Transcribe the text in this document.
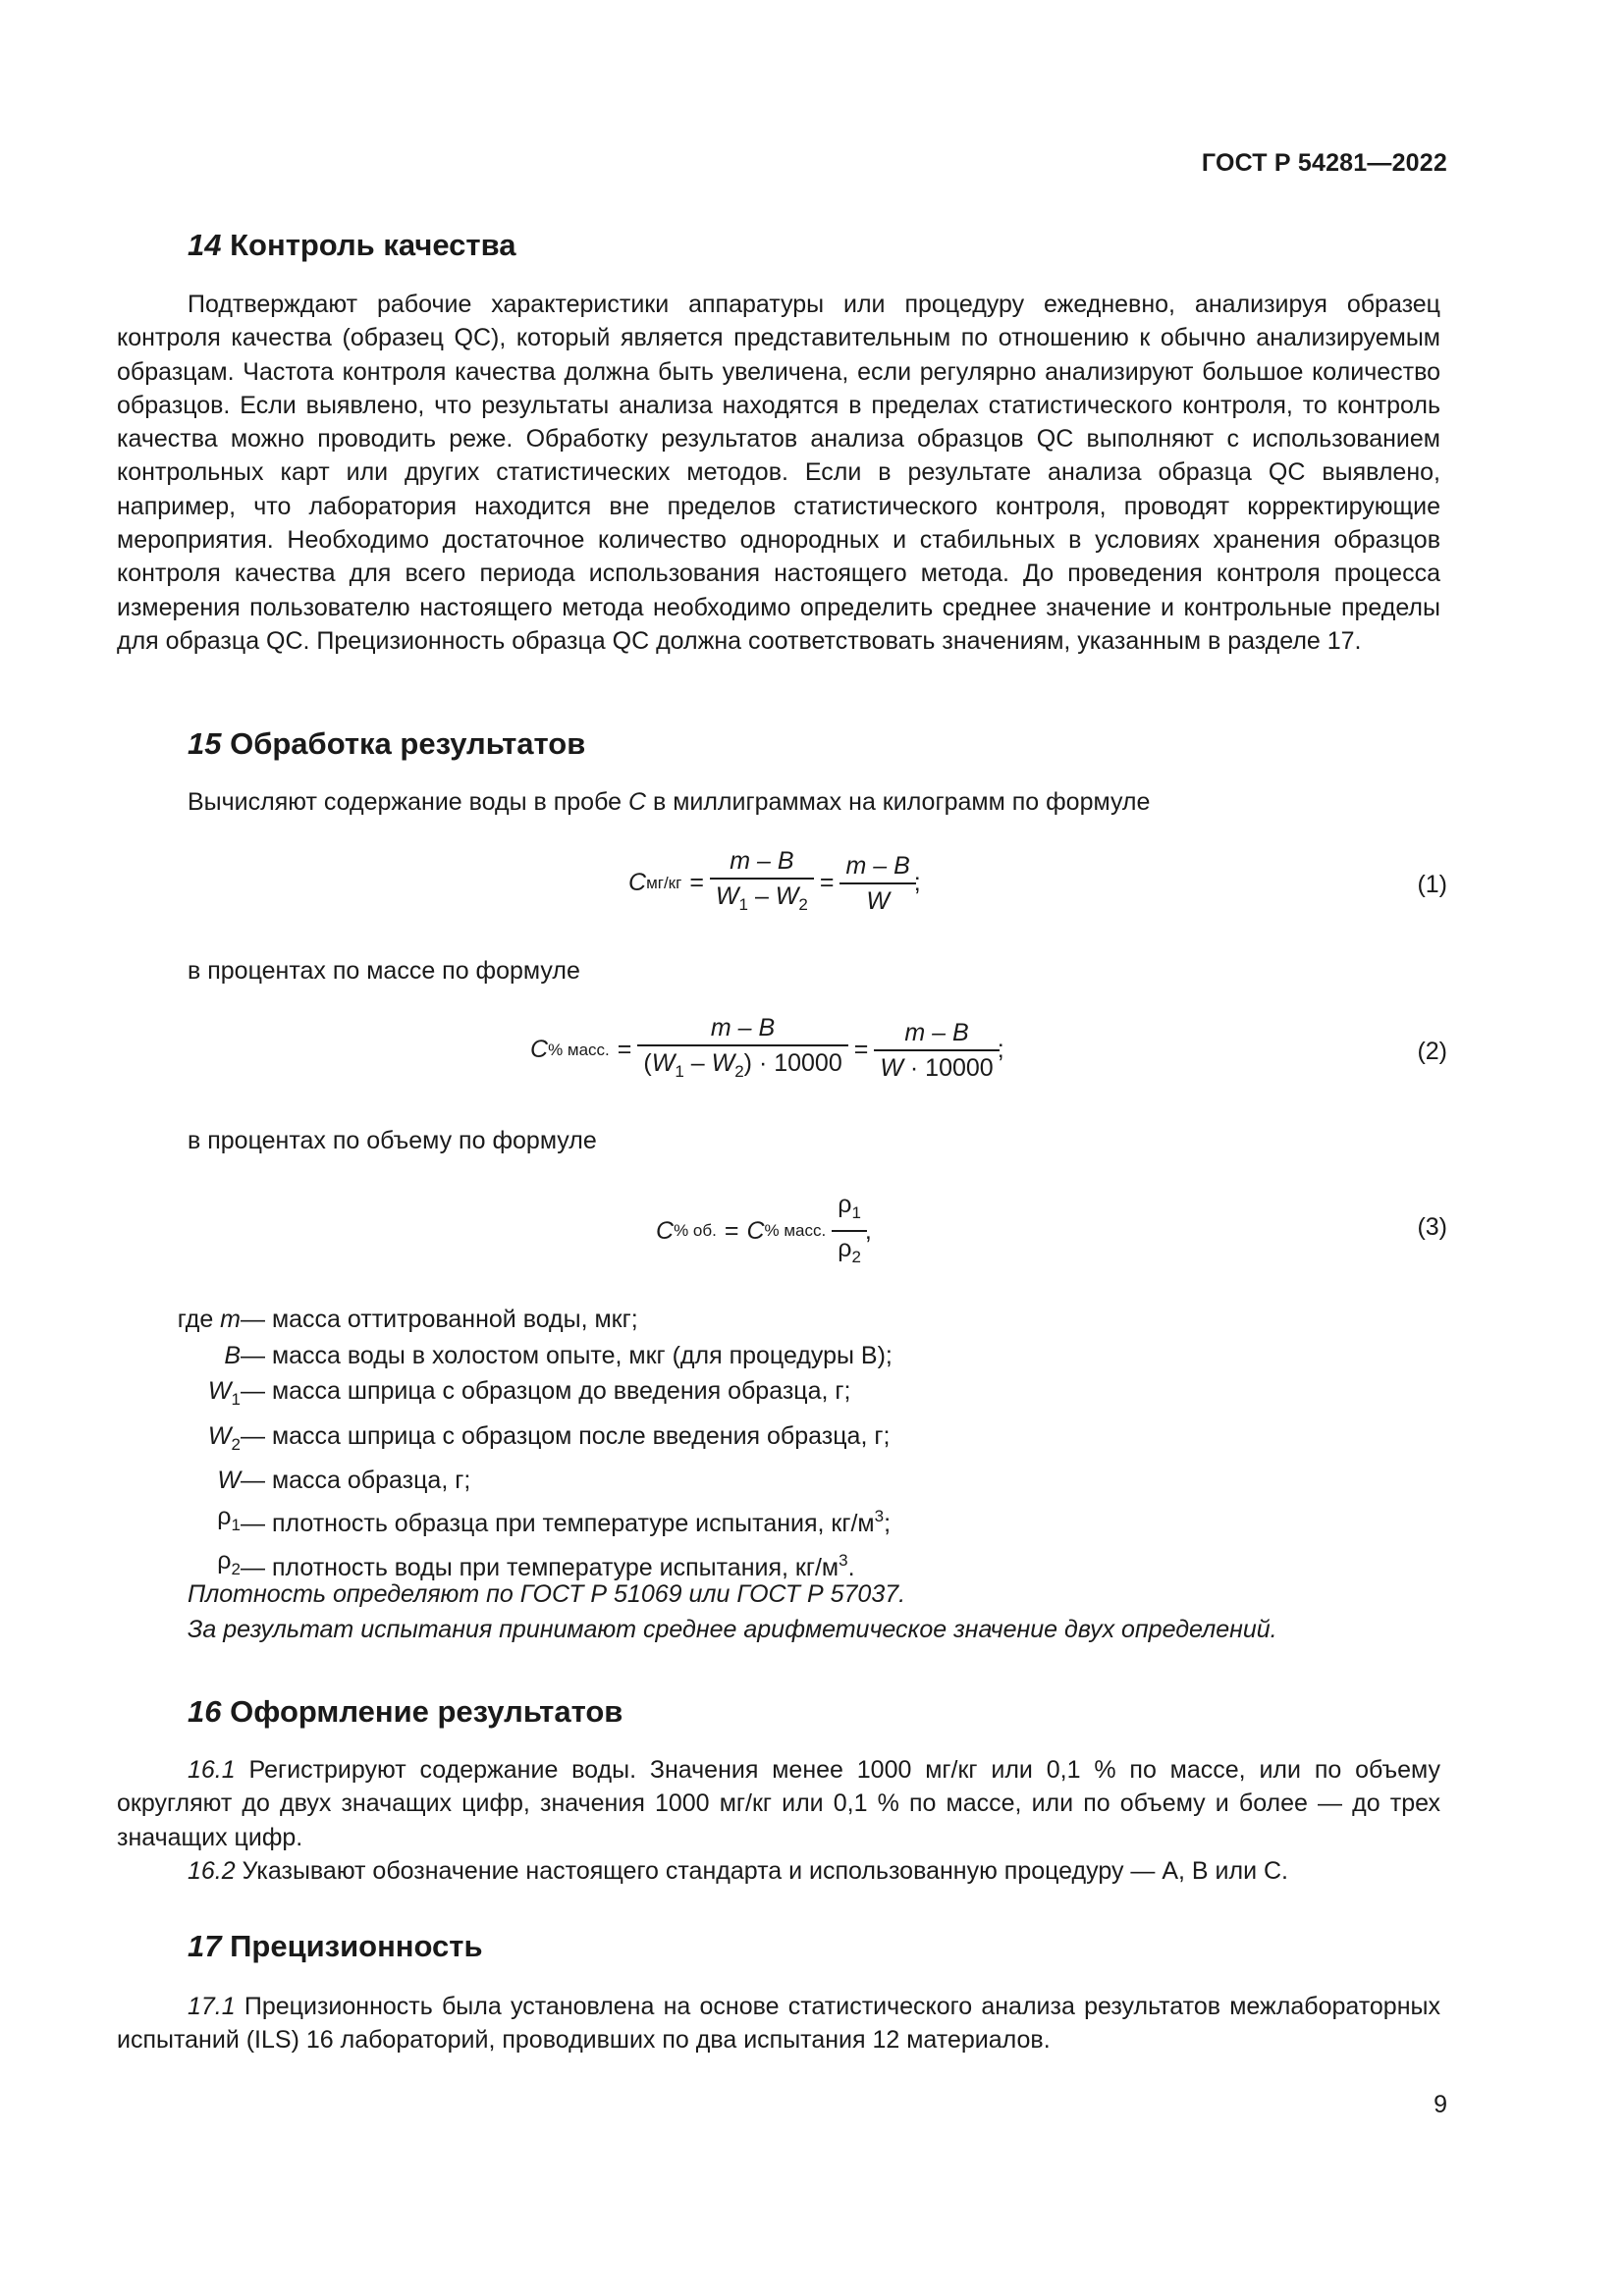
ГОСТ Р 54281—2022
14 Контроль качества

Подтверждают рабочие характеристики аппаратуры или процедуру ежедневно, анализируя образец контроля качества (образец QC), который является представительным по отношению к обычно анализируемым образцам. Частота контроля качества должна быть увеличена, если регулярно анализируют большое количество образцов. Если выявлено, что результаты анализа находятся в пределах статистического контроля, то контроль качества можно проводить реже. Обработку результатов анализа образцов QC выполняют с использованием контрольных карт или других статистических методов. Если в результате анализа образца QC выявлено, например, что лаборатория находится вне пределов статистического контроля, проводят корректирующие мероприятия. Необходимо достаточное количество однородных и стабильных в условиях хранения образцов контроля качества для всего периода использования настоящего метода. До проведения контроля процесса измерения пользователю настоящего метода необходимо определить среднее значение и контрольные пределы для образца QC. Прецизионность образца QC должна соответствовать значениям, указанным в разделе 17.

15 Обработка результатов
Вычисляют содержание воды в пробе C в миллиграммах на килограмм по формуле
C $мг/кг = \frac{m - B}{W_1 - W_2} = \frac{m - B}{W}$
;	(1)
в процентах по массе по формуле
C % масс. = $\frac{m - B}{(W_1 - W_2) \cdot 10000} = \frac{m - B}{W \cdot 10000}$
;	(2)
в процентах по объему по формуле
C % об. = C % масс. $\frac{\rho_1}{\rho_2}$
,	(3)
где m — масса оттитрованной воды, мкг;
B — масса воды в холостом опыте, мкг (для процедуры B);
$W_1$ — масса шприца с образцом до введения образца, г;
$W_2$ — масса шприца с образцом после введения образца, г;
W — масса образца, г;
$\rho_1$ — плотность образца при температуре испытания, $кг/м^3$;
$\rho_2$ — плотность воды при температуре испытания, $кг/м^3$.
Плотность определяют по ГОСТ Р 51069 или ГОСТ Р 57037.
За результат испытания принимают среднее арифметическое значение двух определений.
16 Оформление результатов

16.1 Регистрируют содержание воды. Значения менее 1000 мг/кг или 0,1 % по массе, или по объему округляют до двух значащих цифр, значения 1000 мг/кг или 0,1 % по массе, или по объему и более — до трех значащих цифр.

16.2 Указывают обозначение настоящего стандарта и использованную процедуру — A, B или C.

17 Прецизионность

17.1 Прецизионность была установлена на основе статистического анализа результатов межлабораторных испытаний (ILS) 16 лабораторий, проводивших по два испытания 12 материалов.

9
